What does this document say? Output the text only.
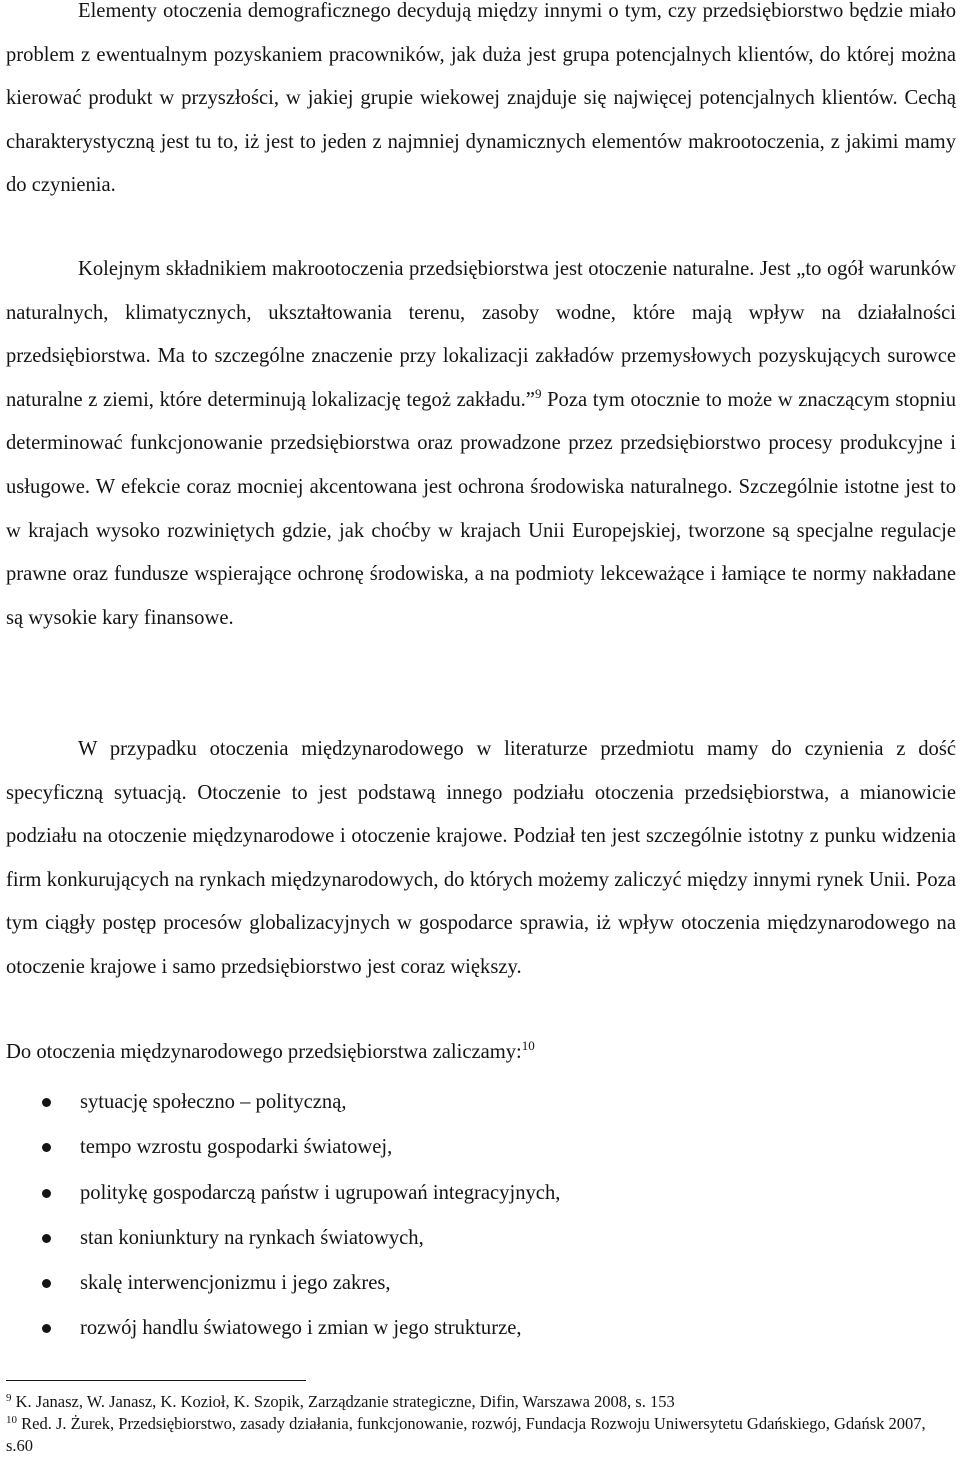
Elementy otoczenia demograficznego decydują między innymi o tym, czy przedsiębiorstwo będzie miało problem z ewentualnym pozyskaniem pracowników, jak duża jest grupa potencjalnych klientów, do której można kierować produkt w przyszłości, w jakiej grupie wiekowej znajduje się najwięcej potencjalnych klientów. Cechą charakterystyczną jest tu to, iż jest to jeden z najmniej dynamicznych elementów makrootoczenia, z jakimi mamy do czynienia.

Kolejnym składnikiem makrootoczenia przedsiębiorstwa jest otoczenie naturalne. Jest „to ogół warunków naturalnych, klimatycznych, ukształtowania terenu, zasoby wodne, które mają wpływ na działalności przedsiębiorstwa. Ma to szczególne znaczenie przy lokalizacji zakładów przemysłowych pozyskujących surowce naturalne z ziemi, które determinują lokalizację tegoż zakładu.”$^9$ Poza tym otocznie to może w znaczącym stopniu determinować funkcjonowanie przedsiębiorstwa oraz prowadzone przez przedsiębiorstwo procesy produkcyjne i usługowe. W efekcie coraz mocniej akcentowana jest ochrona środowiska naturalnego. Szczególnie istotne jest to w krajach wysoko rozwiniętych gdzie, jak choćby w krajach Unii Europejskiej, tworzone są specjalne regulacje prawne oraz fundusze wspierające ochronę środowiska, a na podmioty lekceważące i łamiące te normy nakładane są wysokie kary finansowe.

W przypadku otoczenia międzynarodowego w literaturze przedmiotu mamy do czynienia z dość specyficzną sytuacją. Otoczenie to jest podstawą innego podziału otoczenia przedsiębiorstwa, a mianowicie podziału na otoczenie międzynarodowe i otoczenie krajowe. Podział ten jest szczególnie istotny z punku widzenia firm konkurujących na rynkach międzynarodowych, do których możemy zaliczyć między innymi rynek Unii. Poza tym ciągły postęp procesów globalizacyjnych w gospodarce sprawia, iż wpływ otoczenia międzynarodowego na otoczenie krajowe i samo przedsiębiorstwo jest coraz większy.

Do otoczenia międzynarodowego przedsiębiorstwa zaliczamy:$^{10}$

sytuację społeczno – polityczną,
tempo wzrostu gospodarki światowej,
politykę gospodarczą państw i ugrupowań integracyjnych,
stan koniunktury na rynkach światowych,
skalę interwencjonizmu i jego zakres,
rozwój handlu światowego i zmian w jego strukturze,

$^9$ K. Janasz, W. Janasz, K. Kozioł, K. Szopik, Zarządzanie strategiczne, Difin, Warszawa 2008, s. 153

$^{10}$ Red. J. Żurek, Przedsiębiorstwo, zasady działania, funkcjonowanie, rozwój, Fundacja Rozwoju Uniwersytetu Gdańskiego, Gdańsk 2007, s.60
